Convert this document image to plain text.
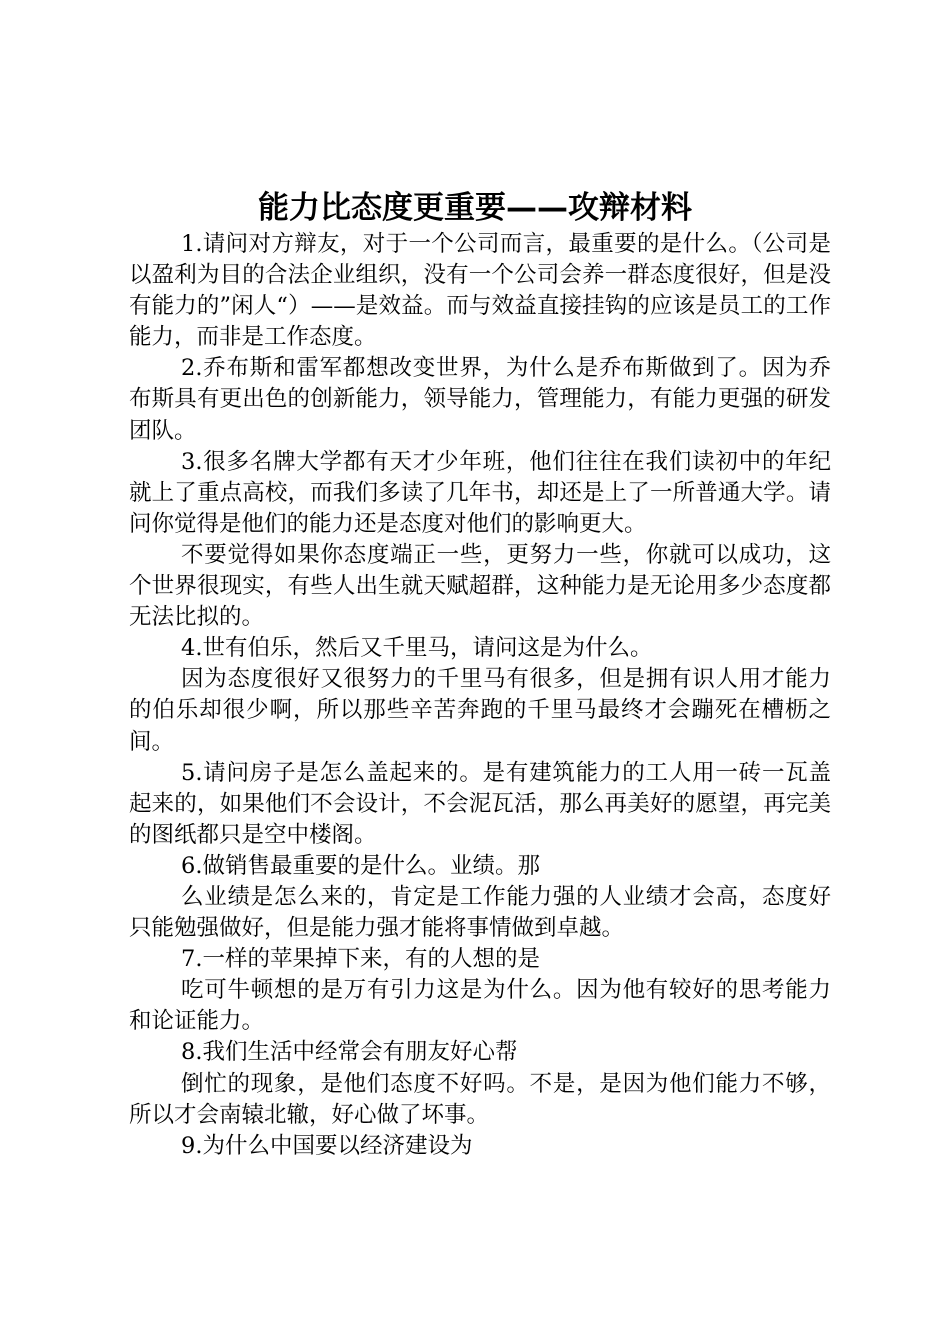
能力比态度更重要——攻辩材料

1.请问对方辩友，对于一个公司而言，最重要的是什么。（公司是以盈利为目的合法企业组织，没有一个公司会养一群态度很好，但是没有能力的”闲人“）——是效益。而与效益直接挂钩的应该是员工的工作能力，而非是工作态度。

2.乔布斯和雷军都想改变世界，为什么是乔布斯做到了。因为乔布斯具有更出色的创新能力，领导能力，管理能力，有能力更强的研发团队。

3.很多名牌大学都有天才少年班，他们往往在我们读初中的年纪就上了重点高校，而我们多读了几年书，却还是上了一所普通大学。请问你觉得是他们的能力还是态度对他们的影响更大。

不要觉得如果你态度端正一些，更努力一些，你就可以成功，这个世界很现实，有些人出生就天赋超群，这种能力是无论用多少态度都无法比拟的。

4.世有伯乐，然后又千里马，请问这是为什么。

因为态度很好又很努力的千里马有很多，但是拥有识人用才能力的伯乐却很少啊，所以那些辛苦奔跑的千里马最终才会蹦死在槽枥之间。

5.请问房子是怎么盖起来的。是有建筑能力的工人用一砖一瓦盖起来的，如果他们不会设计，不会泥瓦活，那么再美好的愿望，再完美的图纸都只是空中楼阁。

6.做销售最重要的是什么。业绩。那

么业绩是怎么来的，肯定是工作能力强的人业绩才会高，态度好只能勉强做好，但是能力强才能将事情做到卓越。

7.一样的苹果掉下来，有的人想的是

吃可牛顿想的是万有引力这是为什么。因为他有较好的思考能力和论证能力。

8.我们生活中经常会有朋友好心帮

倒忙的现象，是他们态度不好吗。不是，是因为他们能力不够，所以才会南辕北辙，好心做了坏事。

9.为什么中国要以经济建设为
